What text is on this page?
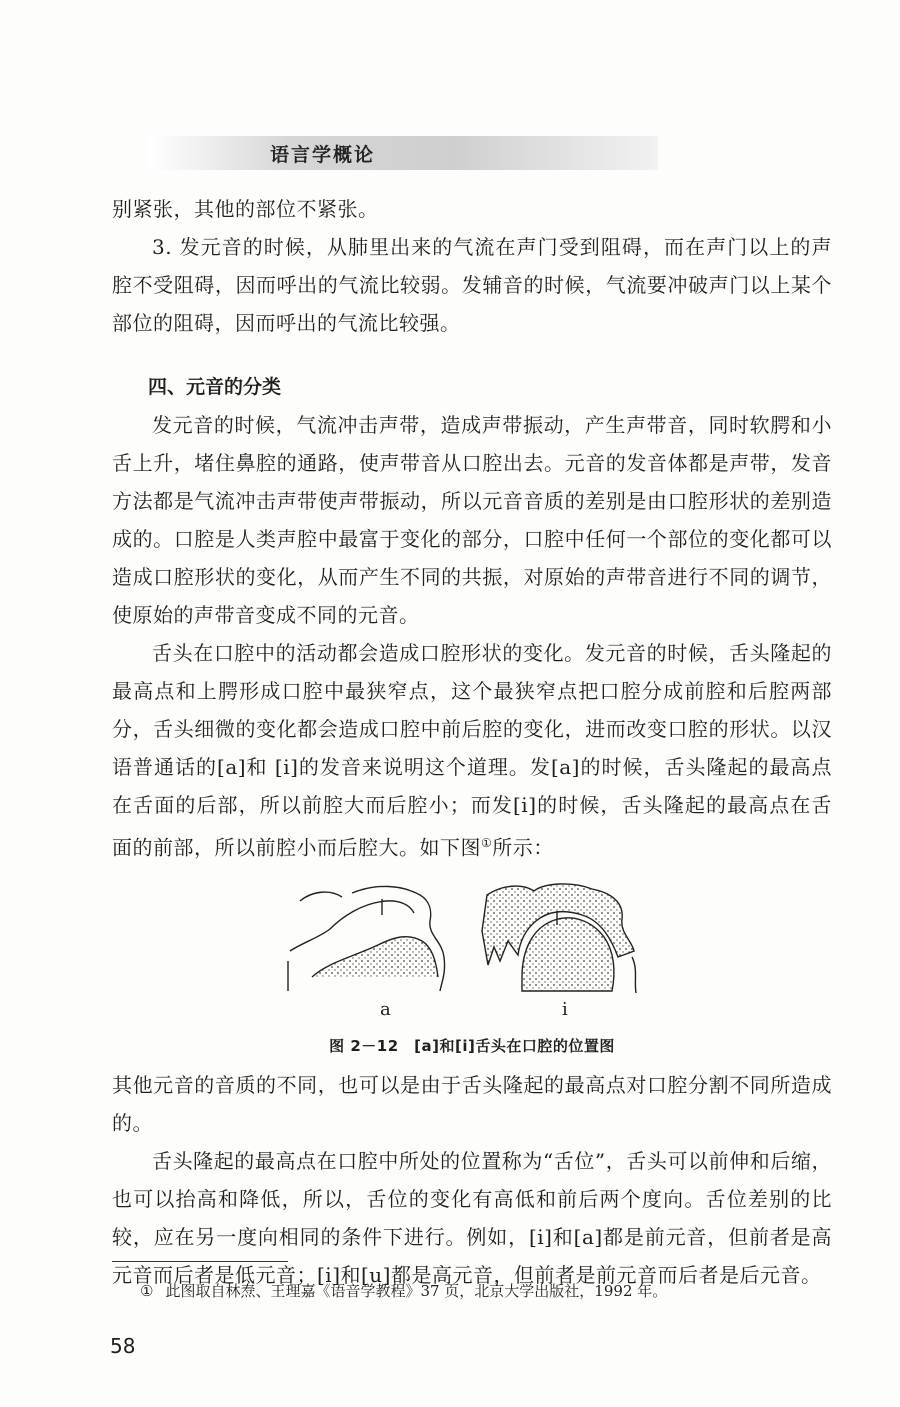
语言学概论

别紧张，其他的部位不紧张。

3. 发元音的时候，从肺里出来的气流在声门受到阻碍，而在声门以上的声腔不受阻碍，因而呼出的气流比较弱。发辅音的时候，气流要冲破声门以上某个部位的阻碍，因而呼出的气流比较强。

四、元音的分类

发元音的时候，气流冲击声带，造成声带振动，产生声带音，同时软腭和小舌上升，堵住鼻腔的通路，使声带音从口腔出去。元音的发音体都是声带，发音方法都是气流冲击声带使声带振动，所以元音音质的差别是由口腔形状的差别造成的。口腔是人类声腔中最富于变化的部分，口腔中任何一个部位的变化都可以造成口腔形状的变化，从而产生不同的共振，对原始的声带音进行不同的调节，使原始的声带音变成不同的元音。

舌头在口腔中的活动都会造成口腔形状的变化。发元音的时候，舌头隆起的最高点和上腭形成口腔中最狭窄点，这个最狭窄点把口腔分成前腔和后腔两部分，舌头细微的变化都会造成口腔中前后腔的变化，进而改变口腔的形状。以汉语普通话的[a]和 [i]的发音来说明这个道理。发[a]的时候，舌头隆起的最高点在舌面的后部，所以前腔大而后腔小；而发[i]的时候，舌头隆起的最高点在舌面的前部，所以前腔小而后腔大。如下图①所示：

a	i
图 2－12　[a]和[i]舌头在口腔的位置图

其他元音的音质的不同，也可以是由于舌头隆起的最高点对口腔分割不同所造成的。

舌头隆起的最高点在口腔中所处的位置称为“舌位”，舌头可以前伸和后缩，也可以抬高和降低，所以，舌位的变化有高低和前后两个度向。舌位差别的比较，应在另一度向相同的条件下进行。例如，[i]和[a]都是前元音，但前者是高元音而后者是低元音；[i]和[u]都是高元音，但前者是前元音而后者是后元音。

① 此图取自林焘、王理嘉《语音学教程》37 页，北京大学出版社，1992 年。
58
